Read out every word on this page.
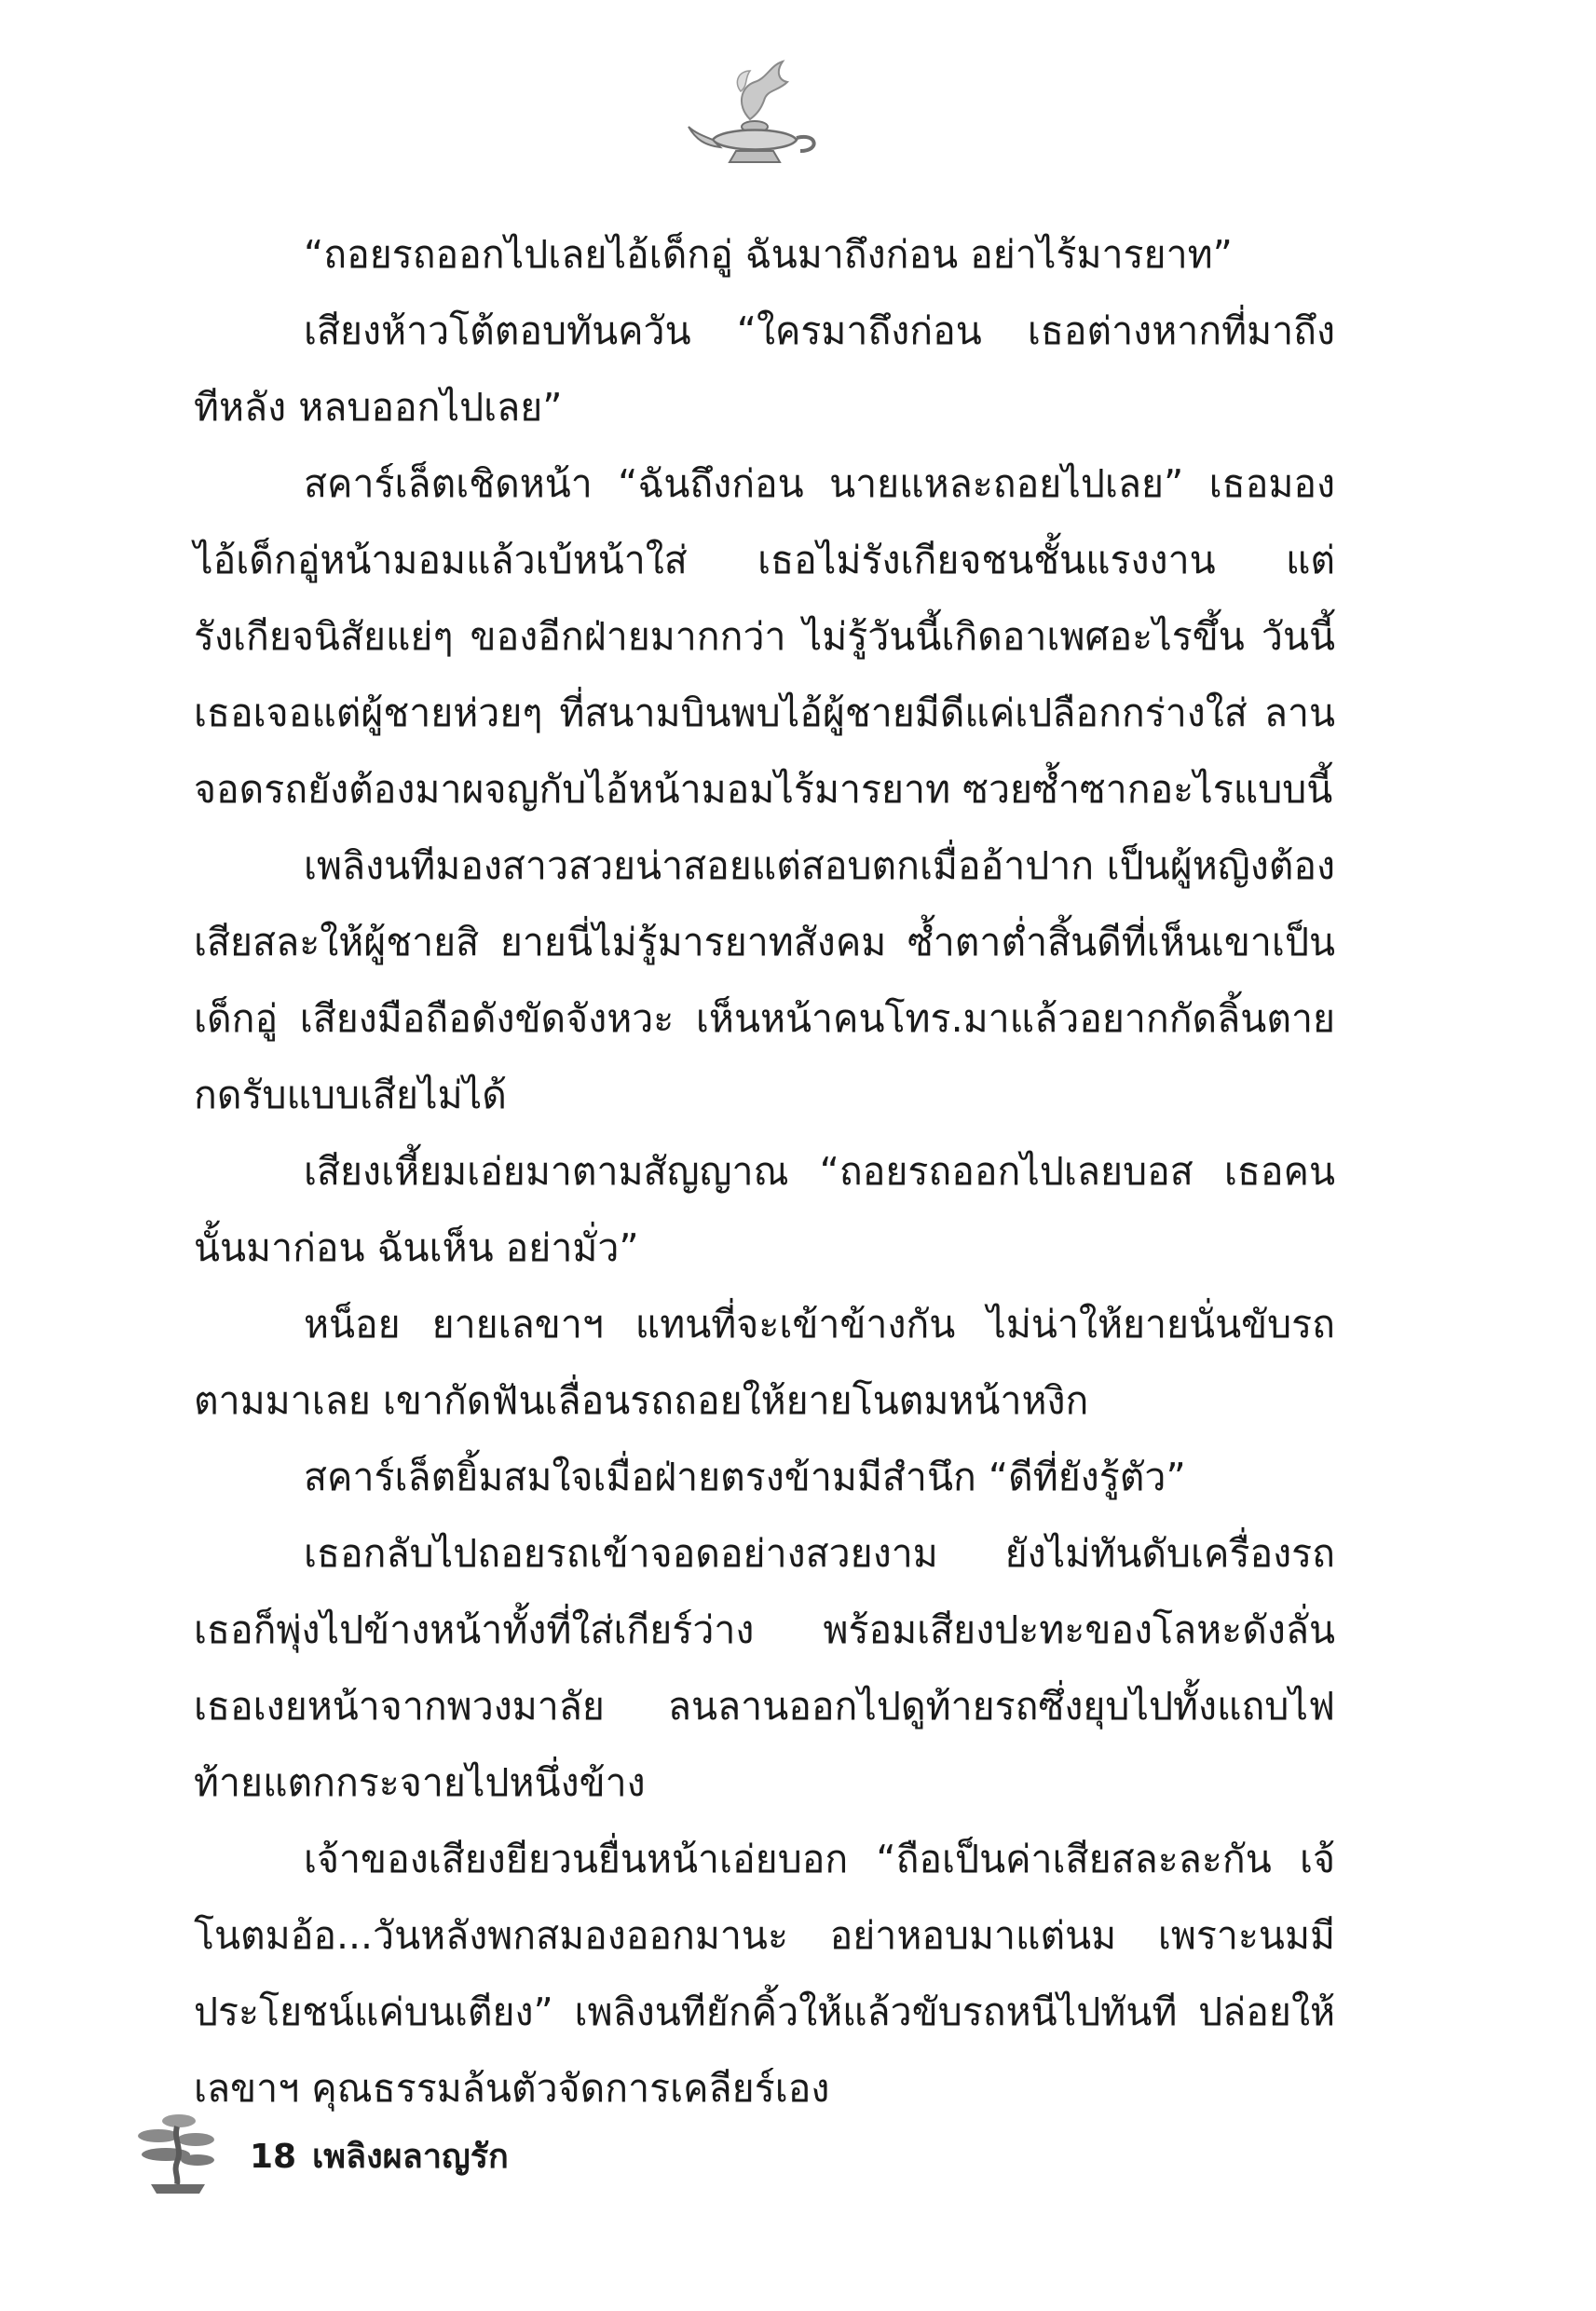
“ถอยรถออกไปเลยไอ้เด็กอู่ ฉันมาถึงก่อน อย่าไร้มารยาท”

เสียงห้าวโต้ตอบทันควัน “ใครมาถึงก่อน เธอต่างหากที่มาถึงทีหลัง หลบออกไปเลย”

สคาร์เล็ตเชิดหน้า “ฉันถึงก่อน นายแหละถอยไปเลย” เธอมองไอ้เด็กอู่หน้ามอมแล้วเบ้หน้าใส่ เธอไม่รังเกียจชนชั้นแรงงาน แต่รังเกียจนิสัยแย่ๆ ของอีกฝ่ายมากกว่า ไม่รู้วันนี้เกิดอาเพศอะไรขึ้น วันนี้เธอเจอแต่ผู้ชายห่วยๆ ที่สนามบินพบไอ้ผู้ชายมีดีแค่เปลือกกร่างใส่ ลานจอดรถยังต้องมาผจญกับไอ้หน้ามอมไร้มารยาท ซวยซ้ำซากอะไรแบบนี้

เพลิงนทีมองสาวสวยน่าสอยแต่สอบตกเมื่ออ้าปาก เป็นผู้หญิงต้องเสียสละให้ผู้ชายสิ ยายนี่ไม่รู้มารยาทสังคม ซ้ำตาต่ำสิ้นดีที่เห็นเขาเป็นเด็กอู่ เสียงมือถือดังขัดจังหวะ เห็นหน้าคนโทร.มาแล้วอยากกัดลิ้นตาย กดรับแบบเสียไม่ได้

เสียงเหี้ยมเอ่ยมาตามสัญญาณ “ถอยรถออกไปเลยบอส เธอคนนั้นมาก่อน ฉันเห็น อย่ามั่ว”

หน็อย ยายเลขาฯ แทนที่จะเข้าข้างกัน ไม่น่าให้ยายนั่นขับรถตามมาเลย เขากัดฟันเลื่อนรถถอยให้ยายโนตมหน้าหงิก

สคาร์เล็ตยิ้มสมใจเมื่อฝ่ายตรงข้ามมีสำนึก “ดีที่ยังรู้ตัว”

เธอกลับไปถอยรถเข้าจอดอย่างสวยงาม ยังไม่ทันดับเครื่องรถเธอก็พุ่งไปข้างหน้าทั้งที่ใส่เกียร์ว่าง พร้อมเสียงปะทะของโลหะดังลั่น เธอเงยหน้าจากพวงมาลัย ลนลานออกไปดูท้ายรถซึ่งยุบไปทั้งแถบไฟท้ายแตกกระจายไปหนึ่งข้าง

เจ้าของเสียงยียวนยื่นหน้าเอ่ยบอก “ถือเป็นค่าเสียสละละกัน เจ้โนตมอ้อ...วันหลังพกสมองออกมานะ อย่าหอบมาแต่นม เพราะนมมีประโยชน์แค่บนเตียง” เพลิงนทียักคิ้วให้แล้วขับรถหนีไปทันที ปล่อยให้เลขาฯ คุณธรรมล้นตัวจัดการเคลียร์เอง

18 เพลิงผลาญรัก
